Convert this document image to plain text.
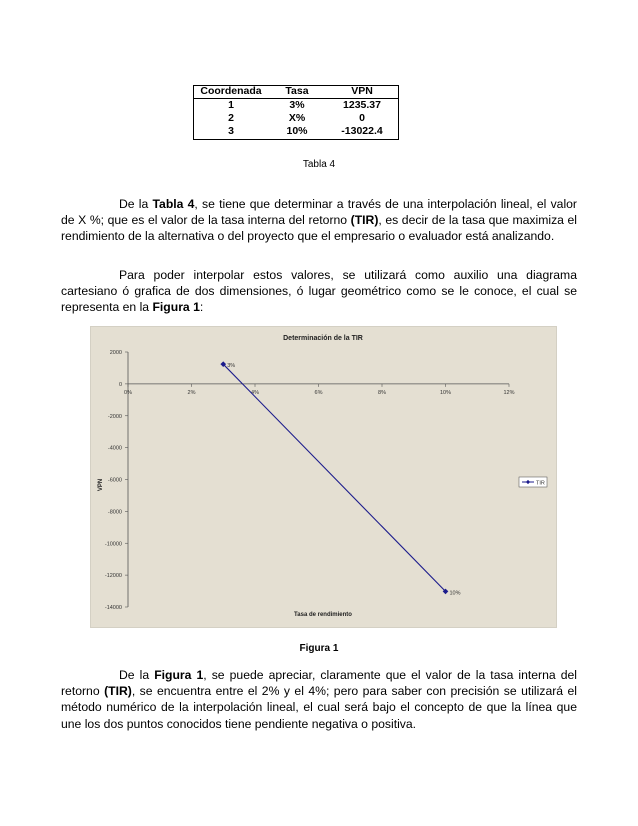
Coordenada	Tasa	VPN
1	3%	1235.37
2	X%	0
3	10%	-13022.4
Tabla 4

De la Tabla 4, se tiene que determinar a través de una interpolación lineal, el valor de X %; que es el valor de la tasa interna del retorno (TIR), es decir de la tasa que maximiza el rendimiento de la alternativa o del proyecto que el empresario o evaluador está analizando.

Para poder interpolar estos valores, se utilizará como auxilio una diagrama cartesiano ó grafica de dos dimensiones, ó lugar geométrico como se le conoce, el cual se representa en la Figura 1:

Determinación de la TIR
Tasa de rendimiento
VPN
2000
0
-2000
-4000
-6000
-8000
-10000
-12000
-14000
0%	2%	4%	6%	8%	10%	12%
3%
10%
TIR
Figura 1

De la Figura 1, se puede apreciar, claramente que el valor de la tasa interna del retorno (TIR), se encuentra entre el 2% y el 4%; pero para saber con precisión se utilizará el método numérico de la interpolación lineal, el cual será bajo el concepto de que la línea que une los dos puntos conocidos tiene pendiente negativa o positiva.
